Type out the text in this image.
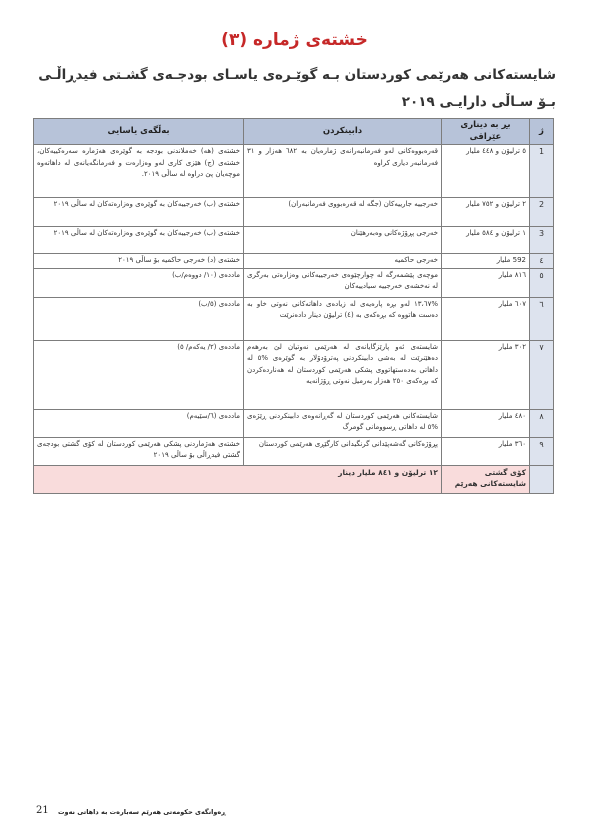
خشتەی ژمارە (٣)
شایستەكانی هەرێمی كوردستان بـە گوێـرەی یاسـای بودجـەی گشـتی فیدڕاڵـی بـۆ سـاڵی دارایـی ٢٠١٩
ژ	بڕ بە دیناری عێراقی	دابینكردن	بەڵگەی یاسایی
1	٥ ترلیۆن و ٤٤٨ ملیار	قەرەبووەكانی لەو فەرمانبەرانەی ژمارەیان بە ٦٨٢ هەزار و ٣١ فەرمانبەر دیاری كراوە	خشتەی (هە) خەملاندنی بودجە بە گوێرەی هەژمارە سەرەكییەكان، خشتەی (ج) هێزی كاری لەو وەزارەت و فەرمانگەیانەی لە داهاتەوە موچەیان پێ دراوە لە ساڵی ٢٠١٩.
2	٢ ترلیۆن و ٧٥٢ ملیار	خەرجییە جارییەكان (جگە لە قەرەبووی فەرمانبەران)	خشتەی (ب) خەرجییەكان بە گوێرەی وەزارەتەكان لە ساڵی ٢٠١٩
3	١ ترلیۆن و ٥٨٤ ملیار	خەرجی پڕۆژەكانی وەبەرهێنان	خشتەی (ب) خەرجییەكان بە گوێرەی وەزارەتەكان لە ساڵی ٢٠١٩
٤	592 ملیار	خەرجی حاكمیە	خشتەی (د) خەرجی حاكمیە بۆ ساڵی ٢٠١٩
٥	٨١٦ ملیار	موچەی پێشمەرگە لە چوارچێوەی خەرجییەكانی وەزارەتی بەرگری لە نەخشەی خەرجییە سیادییەكان	ماددەی (١٠/ دووەم/ب)
٦	٦٠٧ ملیار	%١٣،٦٧ لەو بڕە پارەیەی لە زیادەی داهاتەكانی نەوتی خاو بە دەست هاتووە كە بڕەكەی بە (٤) ترلیۆن دینار دادەنرێت	ماددەی (٥/ب)
٧	٣٠٢ ملیار	شایستەی ئەو پارێزگایانەی لە هەرێمی نەوتیان لێ بەرهەم دەهێنرێت لە بەشی دابینكردنی پەترۆدۆلار بە گوێرەی %٥ لە داهاتی بەدەستهاتووی پشكی هەرێمی كوردستان لە هەناردەكردن كە بڕەكەی ٢٥٠ هەزار بەرمیل نەوتی ڕۆژانەیە	ماددەی (٢/ یەكەم/ ٥)
٨	٤٨٠ ملیار	شایستەكانی هەرێمی كوردستان لە گەڕانەوەی دابینكردنی ڕێژەی %٥ لە داهاتی ڕسوومانی گومرگ	ماددەی (٦/سێیەم)
٩	٣٦٠ ملیار	پڕۆژەكانی گەشەپێدانی گرنگیدانی كارگێڕی هەرێمی كوردستان	خشتەی هەژماردنی پشكی هەرێمی كوردستان لە كۆی گشتی بودجەی گشتی فیدڕاڵی بۆ ساڵی ٢٠١٩
	كۆی گشتی شایستەكانی هەرێم	١٢ ترلیۆن و ٨٤١ ملیار دینار	
21 ڕەوانگەی حكومەتی هەرێم سەبارەت بە داهاتی نەوت
